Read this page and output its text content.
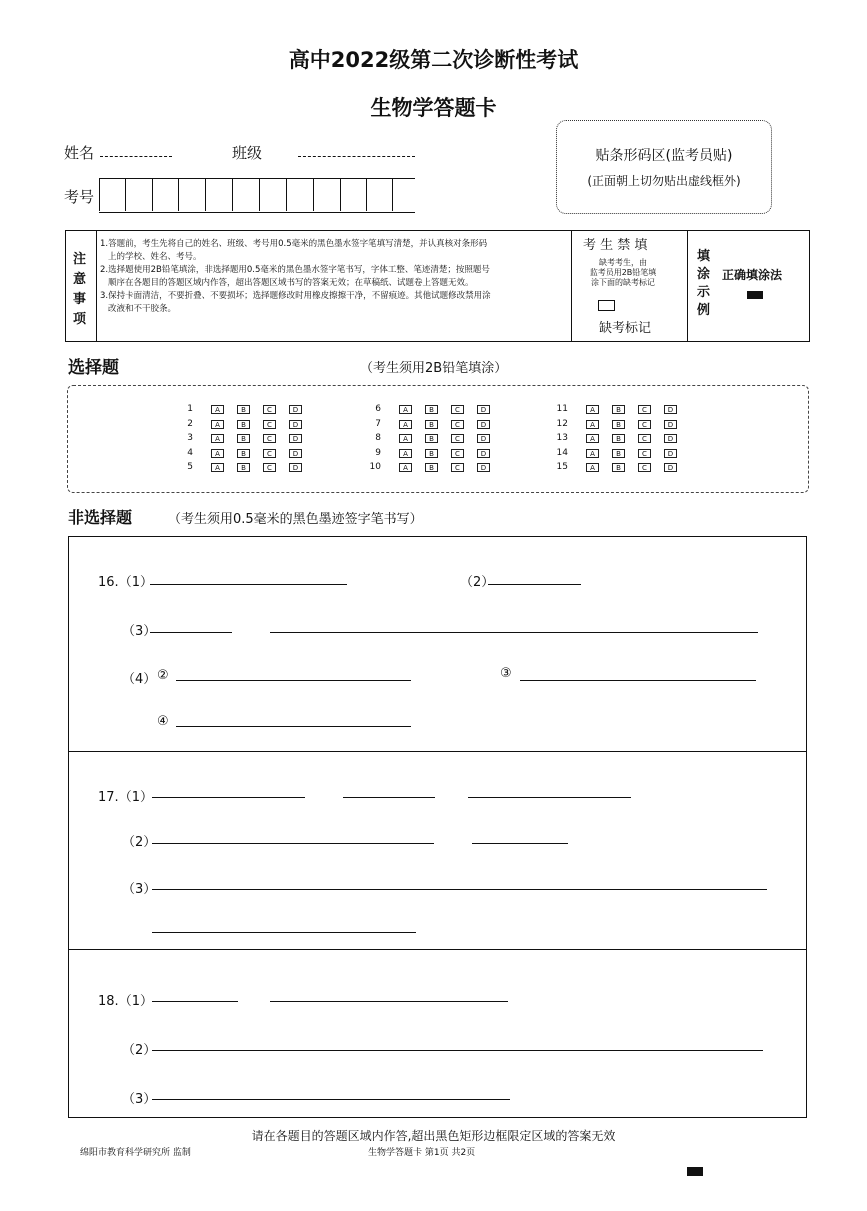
高中2022级第二次诊断性考试
生物学答题卡
姓名	班级
考号
贴条形码区(监考员贴)
(正面朝上切勿贴出虚线框外)
注
意
事
项
1.答题前，考生先将自己的姓名、班级、考号用0.5毫米的黑色墨水签字笔填写清楚，并认真核对条形码
上的学校、姓名、考号。
2.选择题使用2B铅笔填涂，非选择题用0.5毫米的黑色墨水签字笔书写，字体工整、笔迹清楚；按照题号
顺序在各题目的答题区域内作答，超出答题区域书写的答案无效；在草稿纸、试题卷上答题无效。
3.保持卡面清洁，不要折叠、不要损坏；选择题修改时用橡皮擦擦干净，不留痕迹。其他试题修改禁用涂
改液和不干胶条。
考 生 禁 填
缺考考生，由
监考员用2B铅笔填
涂下面的缺考标记
缺考标记
填
涂
示
例
正确填涂法
选择题	（考生须用2B铅笔填涂）
1	A	B	C	D
2	A	B	C	D
3	A	B	C	D
4	A	B	C	D
5	A	B	C	D
6	A	B	C	D
7	A	B	C	D
8	A	B	C	D
9	A	B	C	D
10	A	B	C	D
11	A	B	C	D
12	A	B	C	D
13	A	B	C	D
14	A	B	C	D
15	A	B	C	D
非选择题	（考生须用0.5毫米的黑色墨迹签字笔书写）
16.（1）	（2）
（3）
（4） ②	③
④
17.（1）
（2）
（3）
18.（1）
（2）
（3）
请在各题目的答题区域内作答,超出黑色矩形边框限定区域的答案无效
绵阳市教育科学研究所 监制	生物学答题卡 第1页 共2页
